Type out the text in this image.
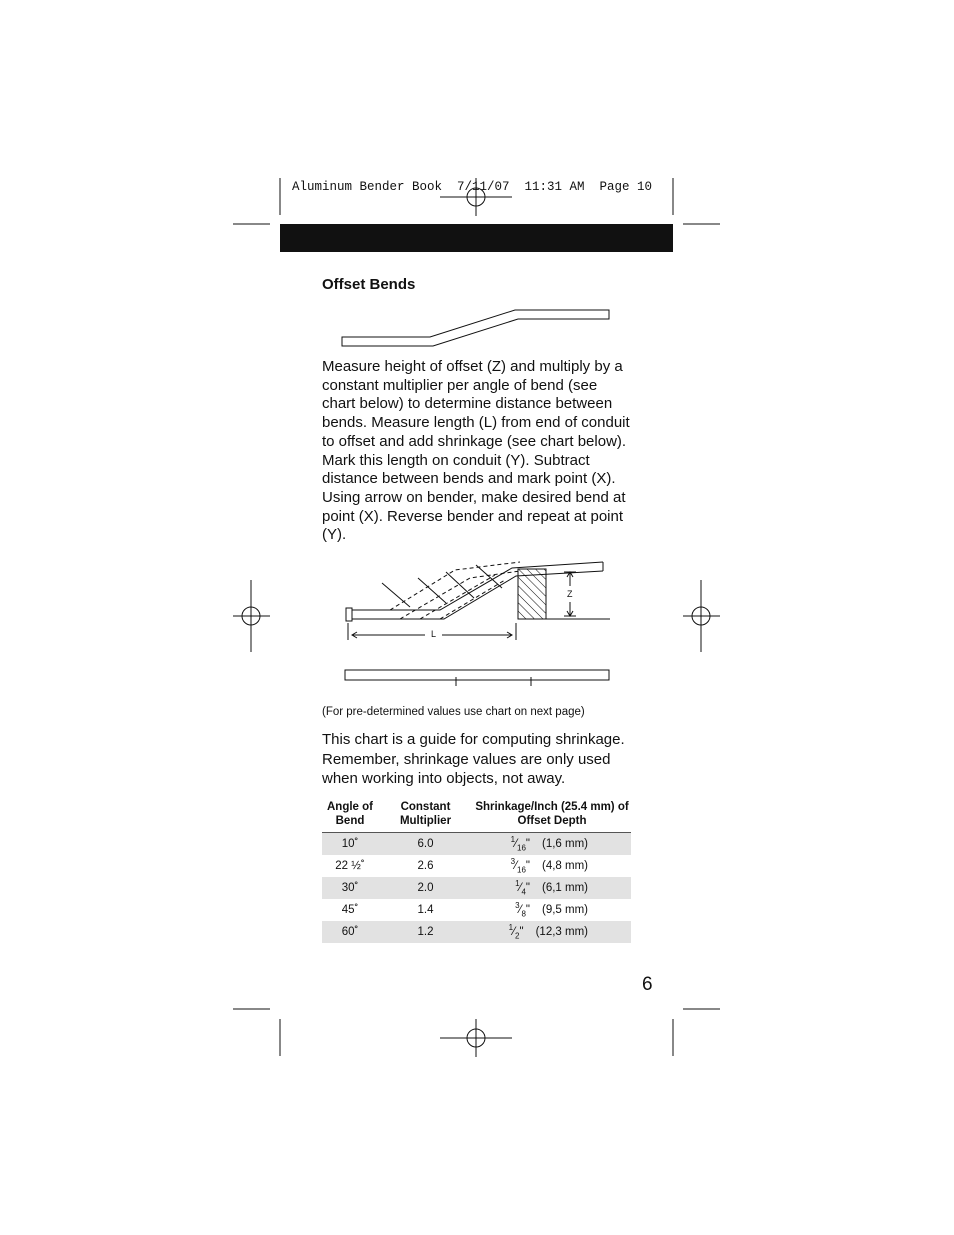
Aluminum Bender Book  7/11/07  11:31 AM  Page 10
Offset Bends
Measure height of offset (Z) and multiply by a constant multiplier per angle of bend (see chart below) to determine distance between bends. Measure length (L) from end of conduit to offset and add shrinkage (see chart below). Mark this length on conduit (Y). Subtract distance between bends and mark point (X). Using arrow on bender, make desired bend at point (X). Reverse bender and repeat at point (Y).
Z
L
(For pre-determined values use chart on next page)
This chart is a guide for computing shrinkage. Remember, shrinkage values are only used when working into objects, not away.
Angle of Bend	Constant Multiplier	Shrinkage/Inch (25.4 mm) of Offset Depth
10˚	6.0	$^1⁄_{16}$" (1,6 mm)
22 ½˚	2.6	$^3⁄_{16}$" (4,8 mm)
30˚	2.0	$^1⁄_4$" (6,1 mm)
45˚	1.4	$^3⁄_8$" (9,5 mm)
60˚	1.2	$^1⁄_2$" (12,3 mm)
6
